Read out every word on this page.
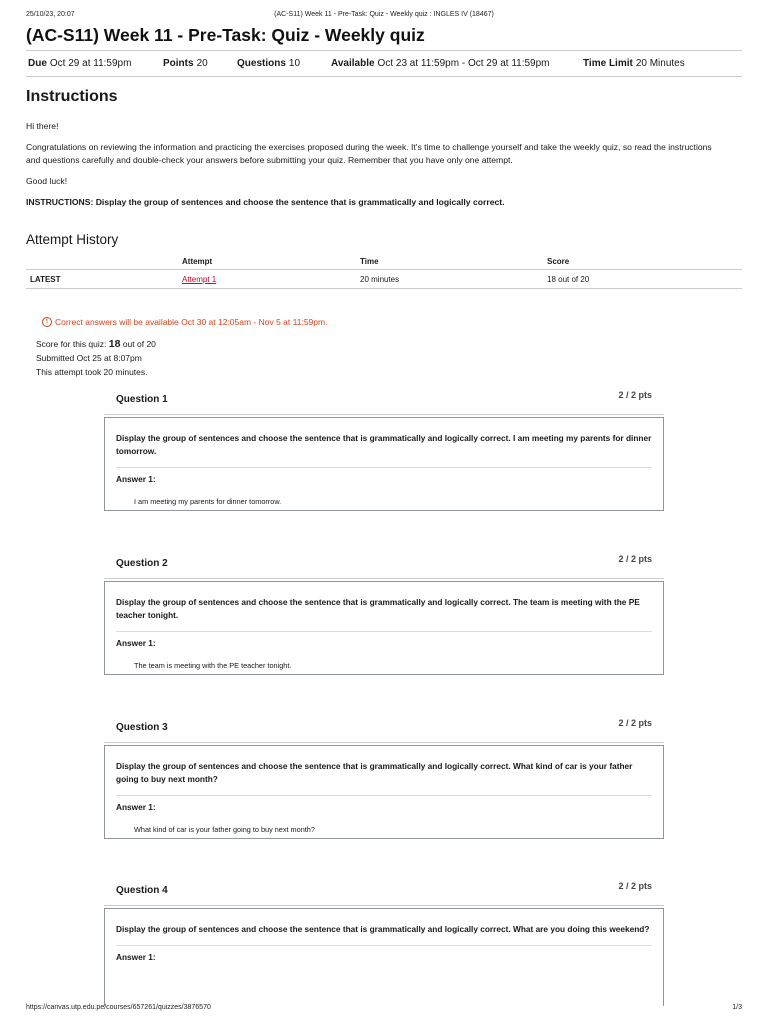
25/10/23, 20:07	(AC-S11) Week 11 - Pre-Task: Quiz - Weekly quiz : INGLES IV (18467)
(AC-S11) Week 11 - Pre-Task: Quiz - Weekly quiz
Due Oct 29 at 11:59pm	Points 20	Questions 10	Available Oct 23 at 11:59pm - Oct 29 at 11:59pm	Time Limit 20 Minutes
Instructions

Hi there!

Congratulations on reviewing the information and practicing the exercises proposed during the week. It's time to challenge yourself and take the weekly quiz, so read the instructions and questions carefully and double-check your answers before submitting your quiz. Remember that you have only one attempt.

Good luck!

INSTRUCTIONS: Display the group of sentences and choose the sentence that is grammatically and logically correct.

Attempt History
	Attempt	Time	Score
LATEST	Attempt 1	20 minutes	18 out of 20
! Correct answers will be available Oct 30 at 12:05am - Nov 5 at 11:59pm.
Score for this quiz: 18 out of 20
Submitted Oct 25 at 8:07pm
This attempt took 20 minutes.
Question 1	2 / 2 pts
Display the group of sentences and choose the sentence that is grammatically and logically correct. I am meeting my parents for dinner tomorrow.
Answer 1:
I am meeting my parents for dinner tomorrow.
Question 2	2 / 2 pts
Display the group of sentences and choose the sentence that is grammatically and logically correct. The team is meeting with the PE teacher tonight.
Answer 1:
The team is meeting with the PE teacher tonight.
Question 3	2 / 2 pts
Display the group of sentences and choose the sentence that is grammatically and logically correct. What kind of car is your father going to buy next month?
Answer 1:
What kind of car is your father going to buy next month?
Question 4	2 / 2 pts
Display the group of sentences and choose the sentence that is grammatically and logically correct. What are you doing this weekend?
Answer 1:
https://canvas.utp.edu.pe/courses/657261/quizzes/3876570	1/3
